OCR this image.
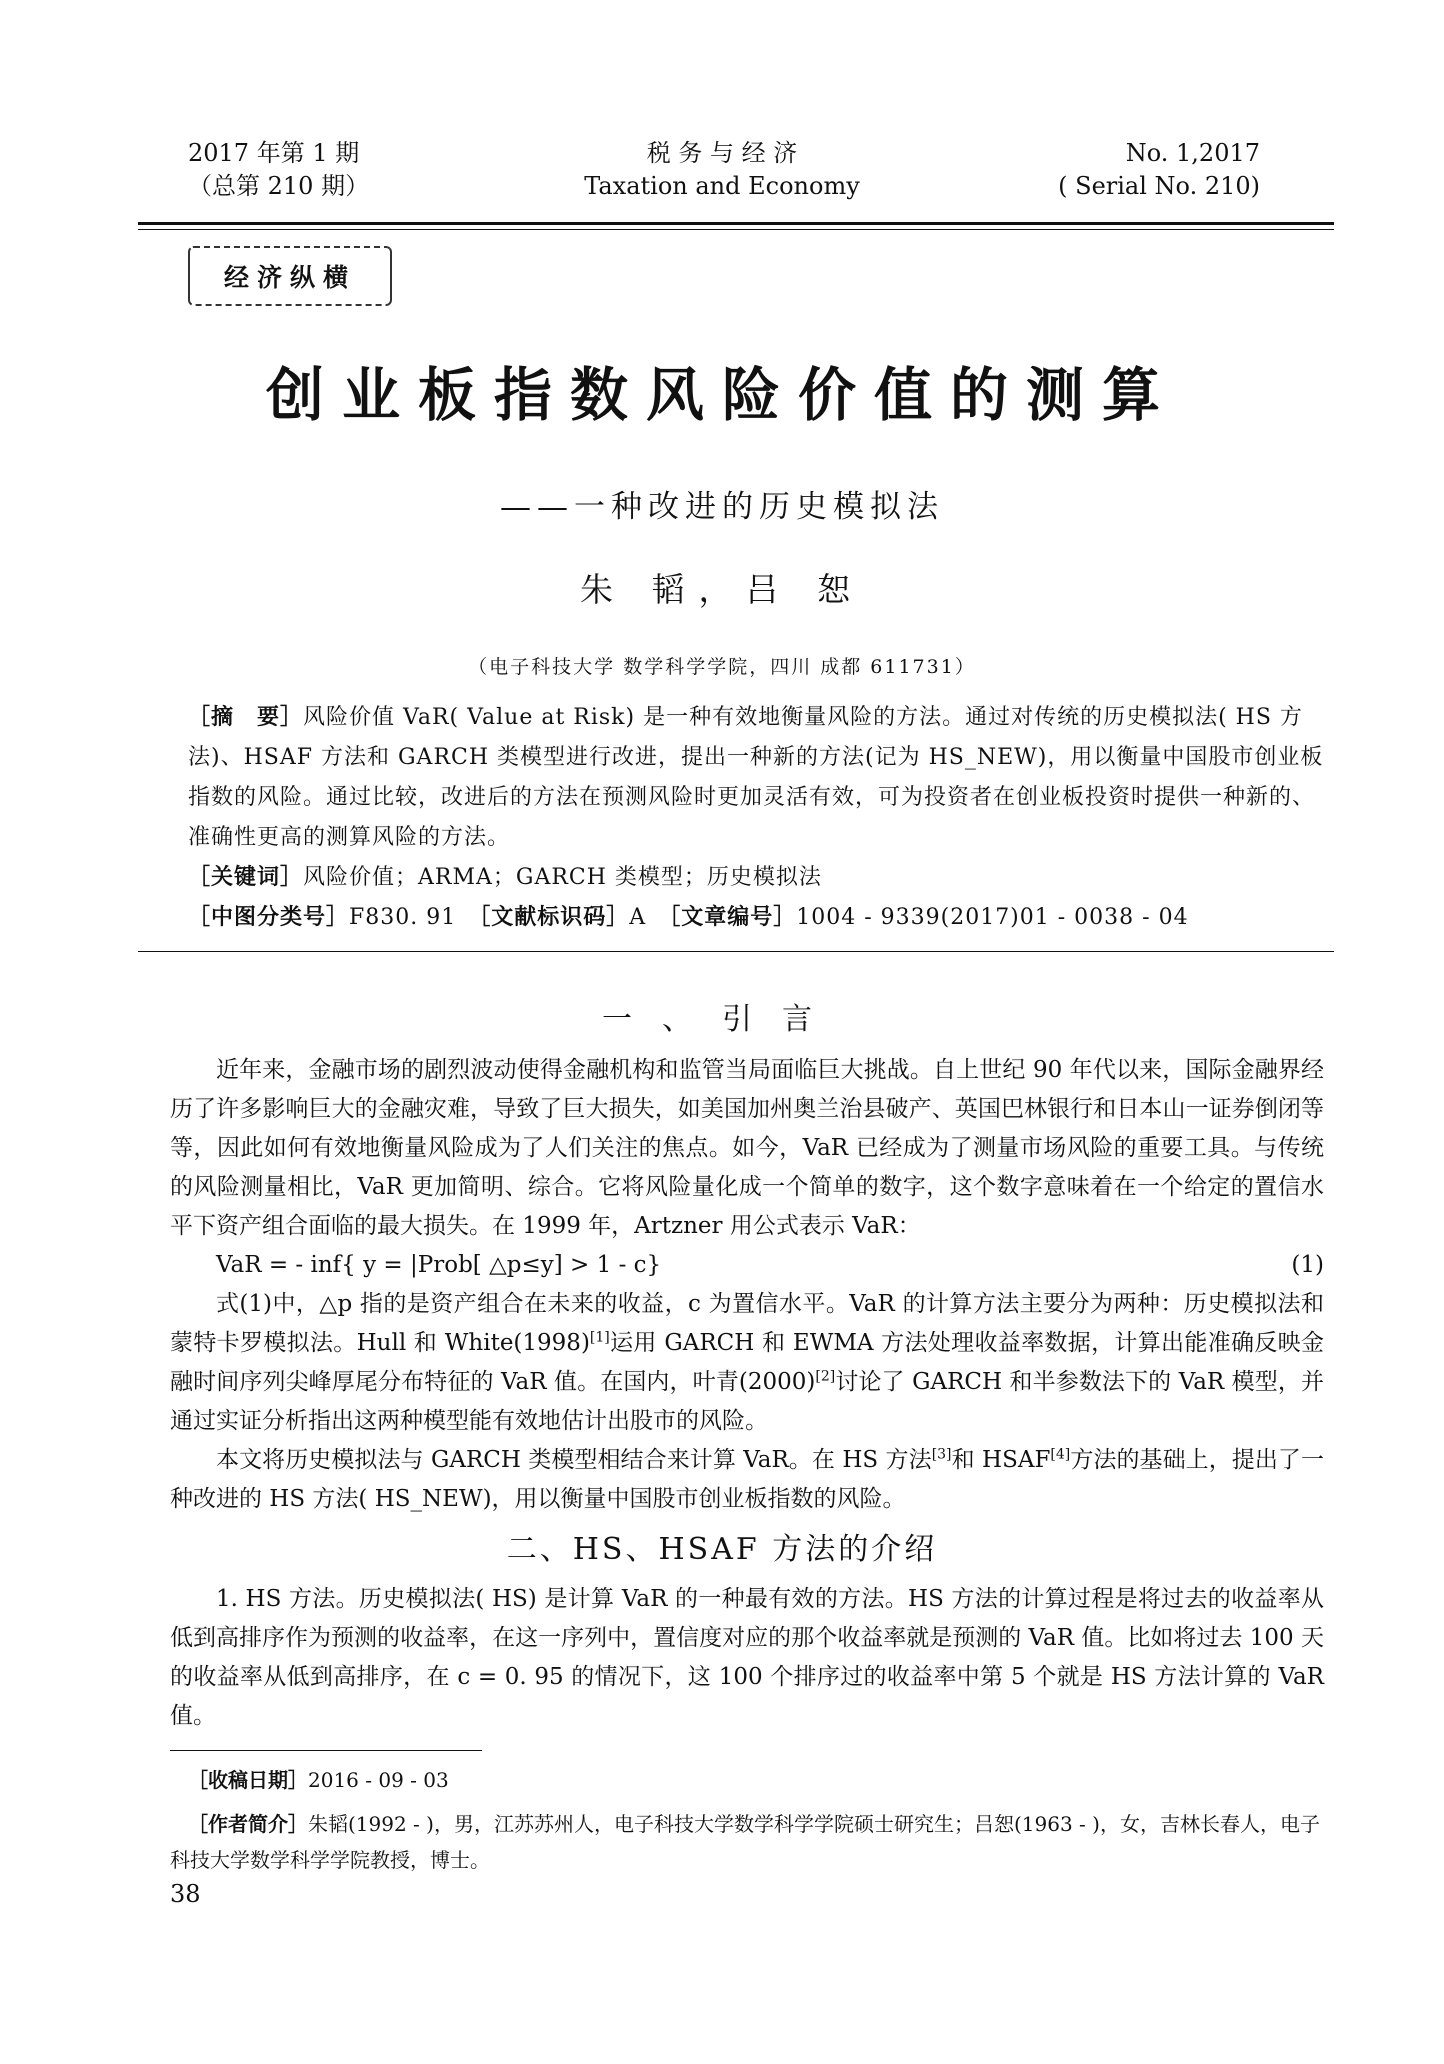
2017 年第 1 期
（总第 210 期）
税 务 与 经 济
Taxation and Economy
No. 1,2017
( Serial No. 210)
经济纵横
创业板指数风险价值的测算
——一种改进的历史模拟法
朱 韬，吕 恕
（电子科技大学 数学科学学院，四川 成都 611731）
［摘　要］风险价值 VaR( Value at Risk) 是一种有效地衡量风险的方法。通过对传统的历史模拟法( HS 方法)、HSAF 方法和 GARCH 类模型进行改进，提出一种新的方法(记为 HS_NEW)，用以衡量中国股市创业板指数的风险。通过比较，改进后的方法在预测风险时更加灵活有效，可为投资者在创业板投资时提供一种新的、准确性更高的测算风险的方法。
［关键词］风险价值；ARMA；GARCH 类模型；历史模拟法
［中图分类号］F830. 91　 ［文献标识码］A　 ［文章编号］1004 - 9339(2017)01 - 0038 - 04
一、引言

近年来，金融市场的剧烈波动使得金融机构和监管当局面临巨大挑战。自上世纪 90 年代以来，国际金融界经历了许多影响巨大的金融灾难，导致了巨大损失，如美国加州奥兰治县破产、英国巴林银行和日本山一证券倒闭等等，因此如何有效地衡量风险成为了人们关注的焦点。如今，VaR 已经成为了测量市场风险的重要工具。与传统的风险测量相比，VaR 更加简明、综合。它将风险量化成一个简单的数字，这个数字意味着在一个给定的置信水平下资产组合面临的最大损失。在 1999 年，Artzner 用公式表示 VaR：

VaR = - inf{ y = |Prob[ △p≤y] > 1 - c}	(1)

式(1)中，△p 指的是资产组合在未来的收益，c 为置信水平。VaR 的计算方法主要分为两种：历史模拟法和蒙特卡罗模拟法。Hull 和 White(1998)[1]运用 GARCH 和 EWMA 方法处理收益率数据，计算出能准确反映金融时间序列尖峰厚尾分布特征的 VaR 值。在国内，叶青(2000)[2]讨论了 GARCH 和半参数法下的 VaR 模型，并通过实证分析指出这两种模型能有效地估计出股市的风险。

本文将历史模拟法与 GARCH 类模型相结合来计算 VaR。在 HS 方法[3]和 HSAF[4]方法的基础上，提出了一种改进的 HS 方法( HS_NEW)，用以衡量中国股市创业板指数的风险。

二、HS、HSAF 方法的介绍

1. HS 方法。历史模拟法( HS) 是计算 VaR 的一种最有效的方法。HS 方法的计算过程是将过去的收益率从低到高排序作为预测的收益率，在这一序列中，置信度对应的那个收益率就是预测的 VaR 值。比如将过去 100 天的收益率从低到高排序，在 c = 0. 95 的情况下，这 100 个排序过的收益率中第 5 个就是 HS 方法计算的 VaR 值。

［收稿日期］2016 - 09 - 03
［作者简介］朱韬(1992 - )，男，江苏苏州人，电子科技大学数学科学学院硕士研究生；吕恕(1963 - )，女，吉林长春人，电子科技大学数学科学学院教授，博士。
38
